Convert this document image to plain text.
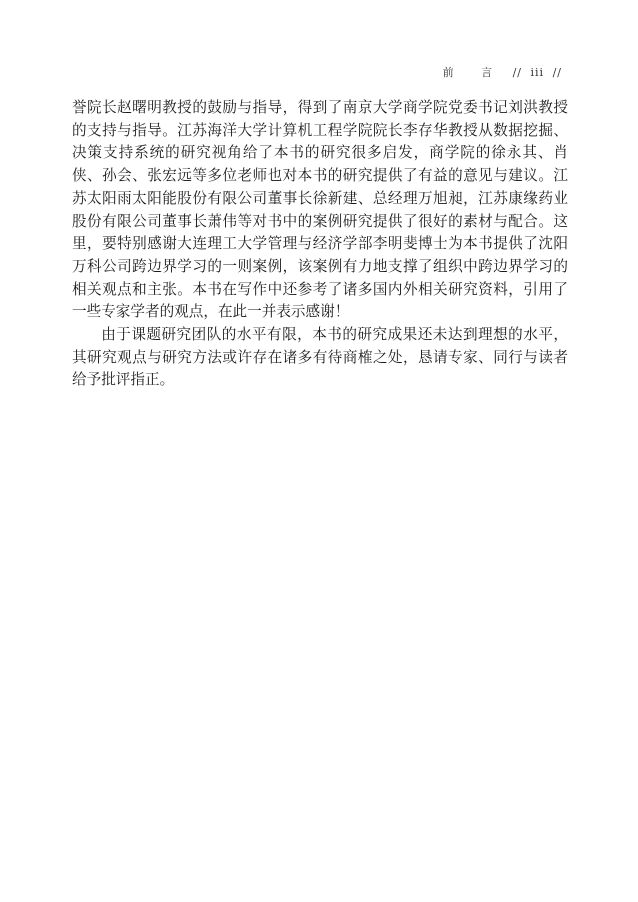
前 言 // iii //

誉院长赵曙明教授的鼓励与指导，得到了南京大学商学院党委书记刘洪教授的支持与指导。江苏海洋大学计算机工程学院院长李存华教授从数据挖掘、决策支持系统的研究视角给了本书的研究很多启发，商学院的徐永其、肖侠、孙会、张宏远等多位老师也对本书的研究提供了有益的意见与建议。江苏太阳雨太阳能股份有限公司董事长徐新建、总经理万旭昶，江苏康缘药业股份有限公司董事长萧伟等对书中的案例研究提供了很好的素材与配合。这里，要特别感谢大连理工大学管理与经济学部李明斐博士为本书提供了沈阳万科公司跨边界学习的一则案例，该案例有力地支撑了组织中跨边界学习的相关观点和主张。本书在写作中还参考了诸多国内外相关研究资料，引用了一些专家学者的观点，在此一并表示感谢！

由于课题研究团队的水平有限，本书的研究成果还未达到理想的水平，其研究观点与研究方法或许存在诸多有待商榷之处，恳请专家、同行与读者给予批评指正。
